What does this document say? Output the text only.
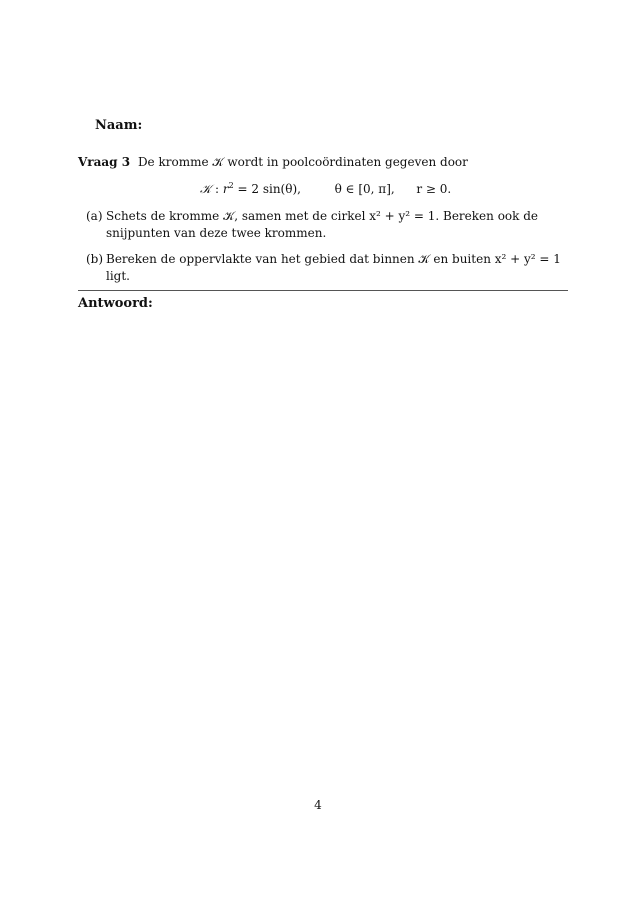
Naam:
Vraag 3 De kromme 𝒦 wordt in poolcoördinaten gegeven door
𝒦 : $r^2 = 2$ sin(θ),	θ ∈ [0, π], r ≥ 0.
(a) Schets de kromme 𝒦, samen met de cirkel x² + y² = 1. Bereken ook de snijpunten van deze twee krommen.
(b) Bereken de oppervlakte van het gebied dat binnen 𝒦 en buiten x² + y² = 1 ligt.
Antwoord:
4
